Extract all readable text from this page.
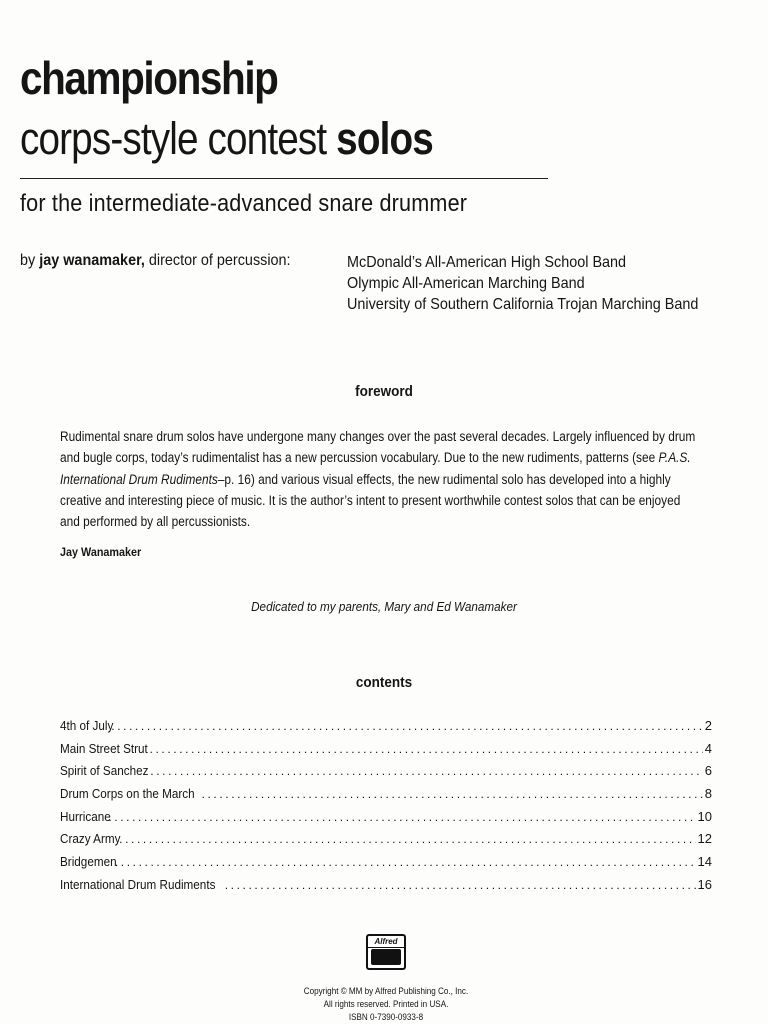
championship
corps-style contest solos
for the intermediate-advanced snare drummer
by jay wanamaker, director of percussion:	McDonald’s All-American High School Band
Olympic All-American Marching Band
University of Southern California Trojan Marching Band
foreword
Rudimental snare drum solos have undergone many changes over the past several decades. Largely influenced by drum
and bugle corps, today’s rudimentalist has a new percussion vocabulary. Due to the new rudiments, patterns (see P.A.S.
International Drum Rudiments–p. 16) and various visual effects, the new rudimental solo has developed into a highly
creative and interesting piece of music. It is the author’s intent to present worthwhile contest solos that can be enjoyed
and performed by all percussionists.
Jay Wanamaker
Dedicated to my parents, Mary and Ed Wanamaker
contents
4th of July .....	2
Main Street Strut .....	4
Spirit of Sanchez .....	6
Drum Corps on the March .....	8
Hurricane .....	10
Crazy Army .....	12
Bridgemen .....	14
International Drum Rudiments .....	16
Alfred
Copyright © MM by Alfred Publishing Co., Inc.
All rights reserved. Printed in USA.
ISBN 0-7390-0933-8
